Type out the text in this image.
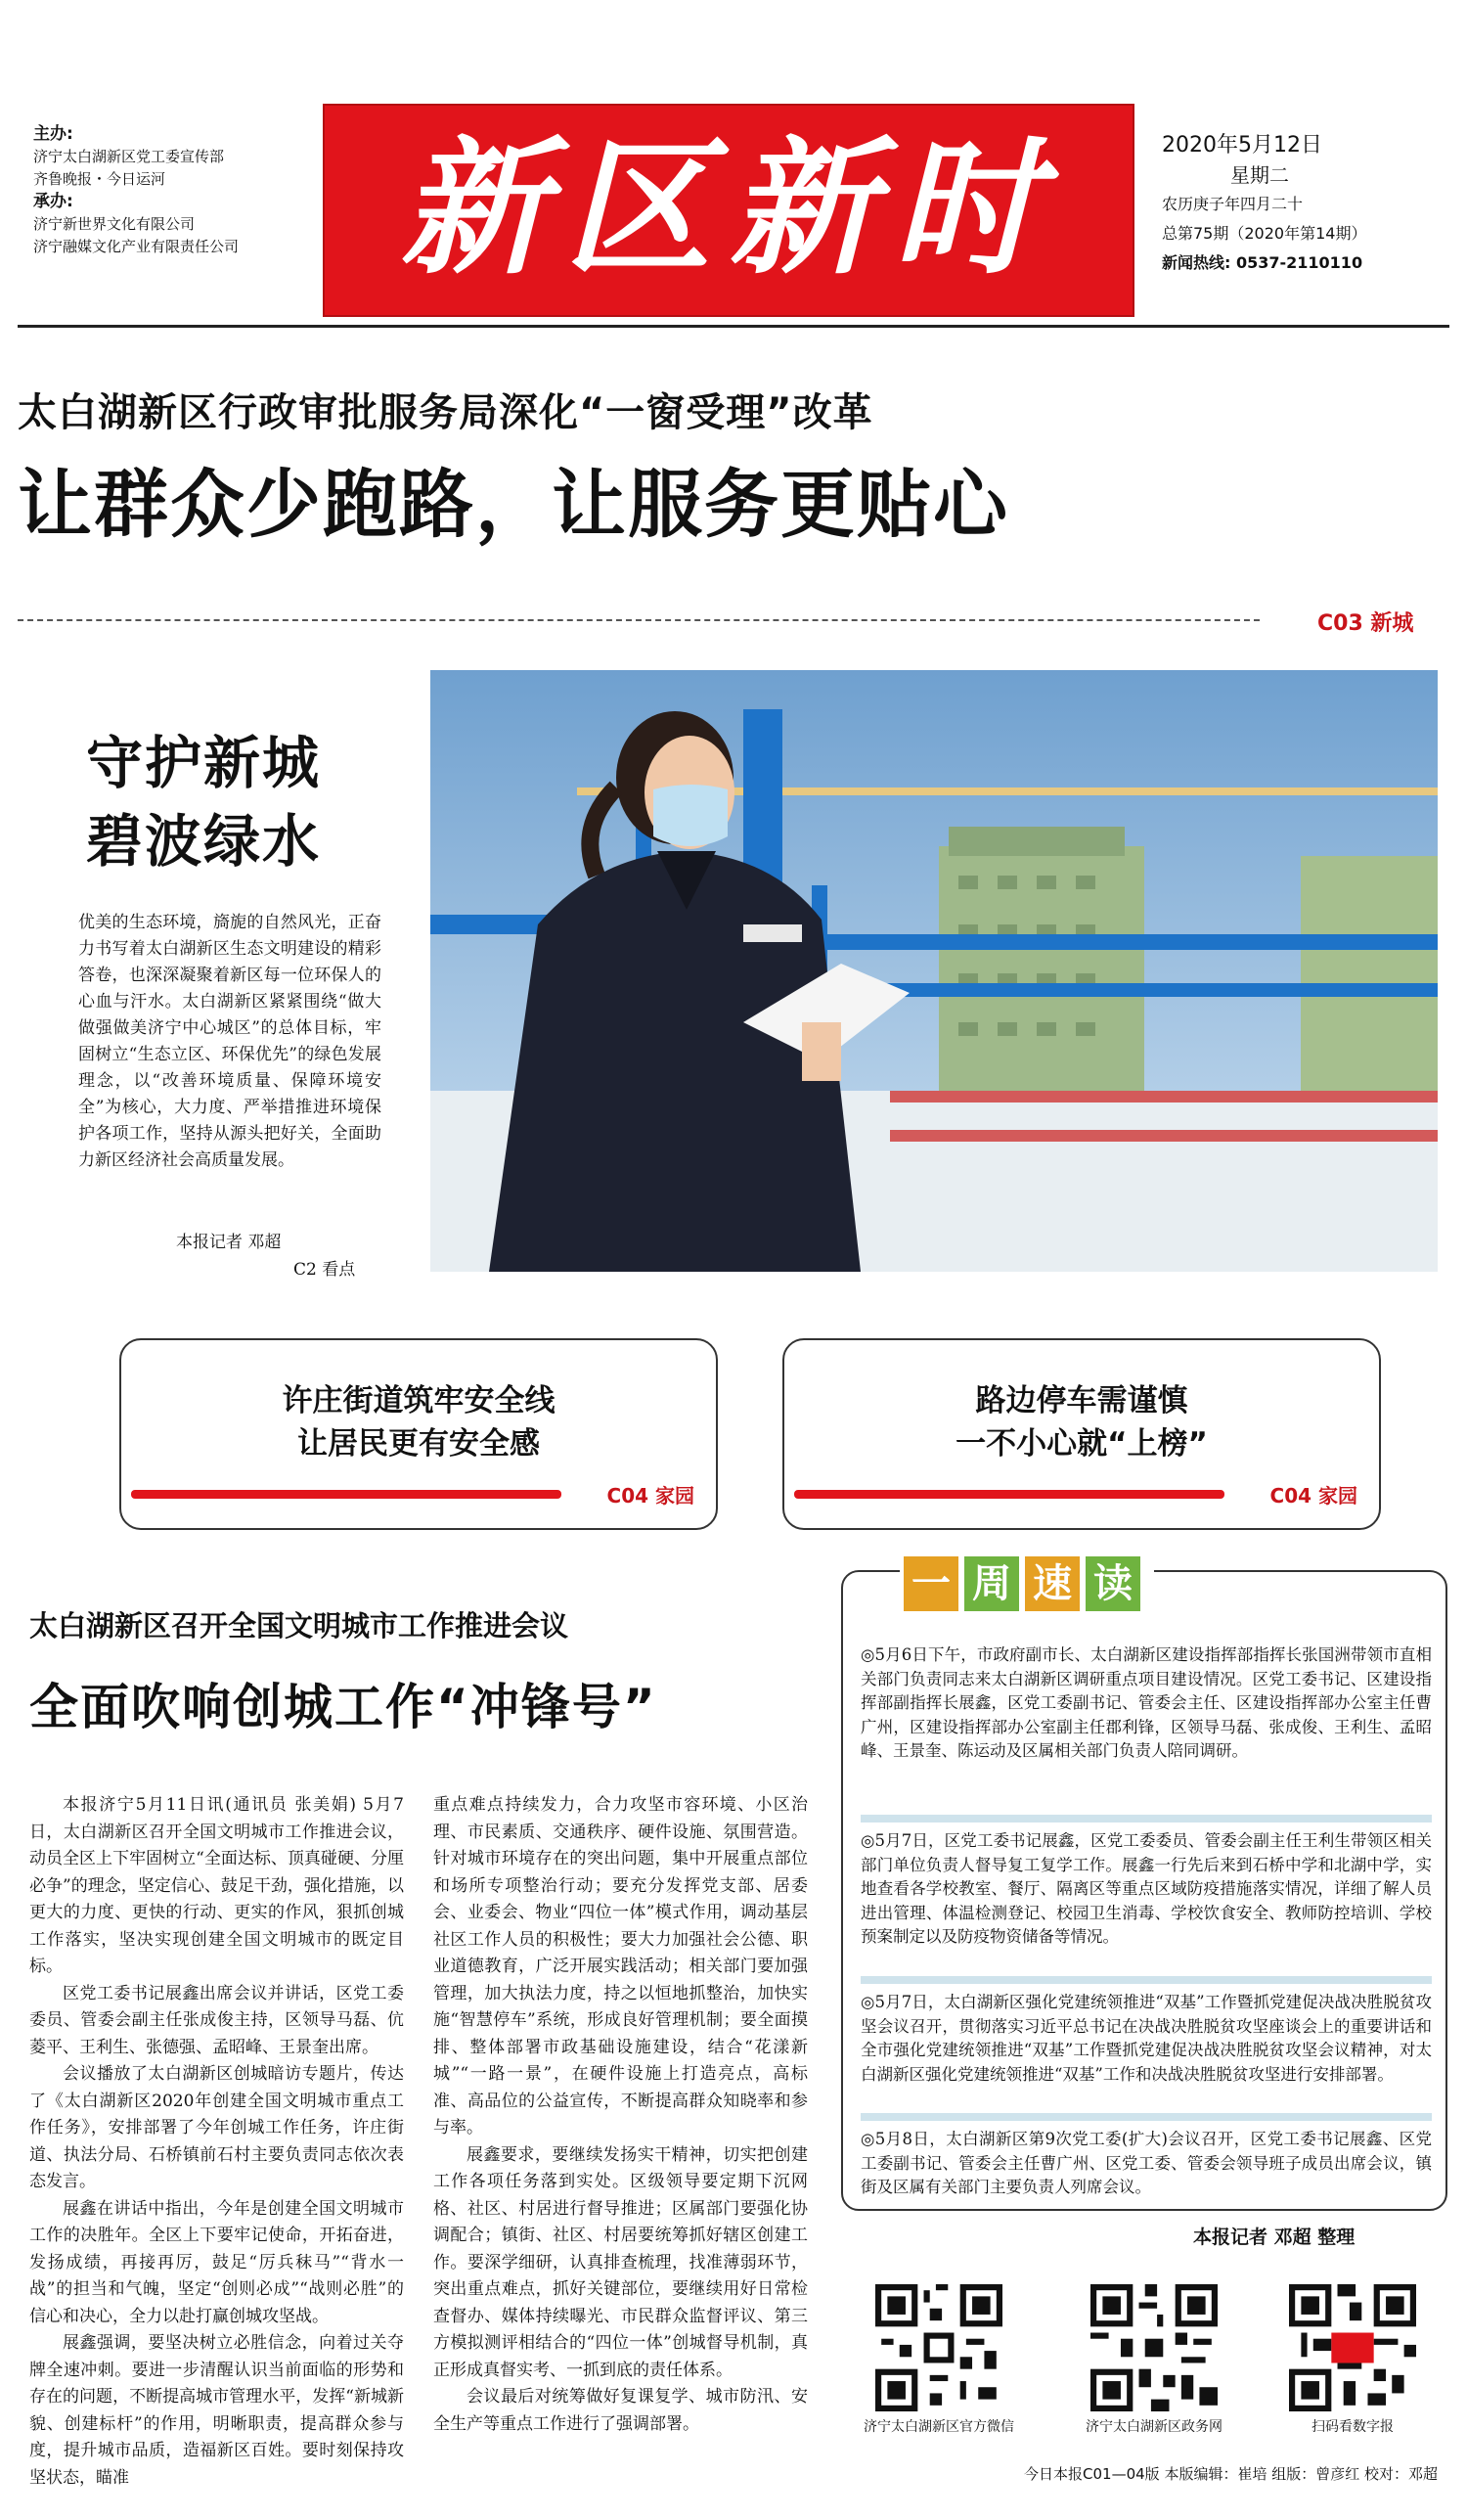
主办:
济宁太白湖新区党工委宣传部
齐鲁晚报・今日运河
承办:
济宁新世界文化有限公司
济宁融媒文化产业有限责任公司	新区新时代
2020年5月12日
星期二
农历庚子年四月二十
总第75期（2020年第14期）
新闻热线: 0537-2110110
太白湖新区行政审批服务局深化“一窗受理”改革
让群众少跑路，让服务更贴心
C03 新城
守护新城
碧波绿水
优美的生态环境，旖旎的自然风光，正奋力书写着太白湖新区生态文明建设的精彩答卷，也深深凝聚着新区每一位环保人的心血与汗水。太白湖新区紧紧围绕“做大做强做美济宁中心城区”的总体目标，牢固树立“生态立区、环保优先”的绿色发展理念，以“改善环境质量、保障环境安全”为核心，大力度、严举措推进环境保护各项工作，坚持从源头把好关，全面助力新区经济社会高质量发展。
本报记者 邓超
C2 看点
许庄街道筑牢安全线
让居民更有安全感
C04 家园
路边停车需谨慎
一不小心就“上榜”
C04 家园
太白湖新区召开全国文明城市工作推进会议
全面吹响创城工作“冲锋号”

本报济宁5月11日讯(通讯员 张美娟) 5月7日，太白湖新区召开全国文明城市工作推进会议，动员全区上下牢固树立“全面达标、顶真碰硬、分厘必争”的理念，坚定信心、鼓足干劲，强化措施，以更大的力度、更快的行动、更实的作风，狠抓创城工作落实，坚决实现创建全国文明城市的既定目标。

区党工委书记展鑫出席会议并讲话，区党工委委员、管委会副主任张成俊主持，区领导马磊、伉菱平、王利生、张德强、孟昭峰、王景奎出席。

会议播放了太白湖新区创城暗访专题片，传达了《太白湖新区2020年创建全国文明城市重点工作任务》，安排部署了今年创城工作任务，许庄街道、执法分局、石桥镇前石村主要负责同志依次表态发言。

展鑫在讲话中指出，今年是创建全国文明城市工作的决胜年。全区上下要牢记使命，开拓奋进，发扬成绩，再接再厉，鼓足“厉兵秣马”“背水一战”的担当和气魄，坚定“创则必成”“战则必胜”的信心和决心，全力以赴打赢创城攻坚战。

展鑫强调，要坚决树立必胜信念，向着过关夺牌全速冲刺。要进一步清醒认识当前面临的形势和存在的问题，不断提高城市管理水平，发挥“新城新貌、创建标杆”的作用，明晰职责，提高群众参与度，提升城市品质，造福新区百姓。要时刻保持攻坚状态，瞄准

重点难点持续发力，合力攻坚市容环境、小区治理、市民素质、交通秩序、硬件设施、氛围营造。针对城市环境存在的突出问题，集中开展重点部位和场所专项整治行动；要充分发挥党支部、居委会、业委会、物业“四位一体”模式作用，调动基层社区工作人员的积极性；要大力加强社会公德、职业道德教育，广泛开展实践活动；相关部门要加强管理，加大执法力度，持之以恒地抓整治，加快实施“智慧停车”系统，形成良好管理机制；要全面摸排、整体部署市政基础设施建设，结合“花漾新城”“一路一景”，在硬件设施上打造亮点，高标准、高品位的公益宣传，不断提高群众知晓率和参与率。

展鑫要求，要继续发扬实干精神，切实把创建工作各项任务落到实处。区级领导要定期下沉网格、社区、村居进行督导推进；区属部门要强化协调配合；镇街、社区、村居要统筹抓好辖区创建工作。要深学细研，认真排查梳理，找准薄弱环节，突出重点难点，抓好关键部位，要继续用好日常检查督办、媒体持续曝光、市民群众监督评议、第三方模拟测评相结合的“四位一体”创城督导机制，真正形成真督实考、一抓到底的责任体系。

会议最后对统筹做好复课复学、城市防汛、安全生产等重点工作进行了强调部署。

一 周 速 读
◎5月6日下午，市政府副市长、太白湖新区建设指挥部指挥长张国洲带领市直相关部门负责同志来太白湖新区调研重点项目建设情况。区党工委书记、区建设指挥部副指挥长展鑫，区党工委副书记、管委会主任、区建设指挥部办公室主任曹广州，区建设指挥部办公室副主任郡利锋，区领导马磊、张成俊、王利生、孟昭峰、王景奎、陈运动及区属相关部门负责人陪同调研。
◎5月7日，区党工委书记展鑫，区党工委委员、管委会副主任王利生带领区相关部门单位负责人督导复工复学工作。展鑫一行先后来到石桥中学和北湖中学，实地查看各学校教室、餐厅、隔离区等重点区域防疫措施落实情况，详细了解人员进出管理、体温检测登记、校园卫生消毒、学校饮食安全、教师防控培训、学校预案制定以及防疫物资储备等情况。
◎5月7日，太白湖新区强化党建统领推进“双基”工作暨抓党建促决战决胜脱贫攻坚会议召开，贯彻落实习近平总书记在决战决胜脱贫攻坚座谈会上的重要讲话和全市强化党建统领推进“双基”工作暨抓党建促决战决胜脱贫攻坚会议精神，对太白湖新区强化党建统领推进“双基”工作和决战决胜脱贫攻坚进行安排部署。
◎5月8日，太白湖新区第9次党工委(扩大)会议召开，区党工委书记展鑫、区党工委副书记、管委会主任曹广州、区党工委、管委会领导班子成员出席会议，镇街及区属有关部门主要负责人列席会议。
本报记者 邓超 整理
济宁太白湖新区官方微信	济宁太白湖新区政务网	扫码看数字报
今日本报C01—04版 本版编辑：崔培 组版：曾彦红 校对：邓超
